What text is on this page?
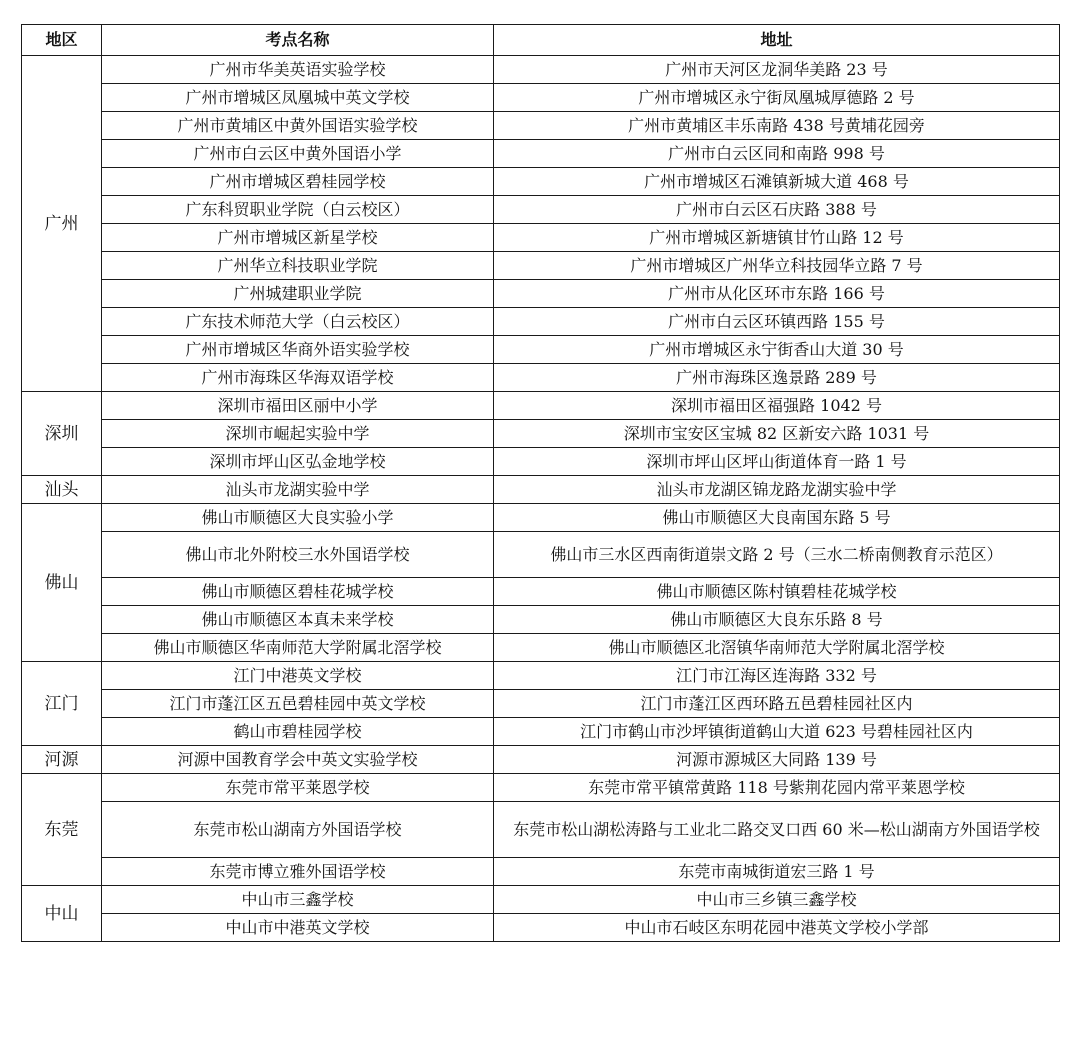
地区	考点名称	地址
广州	广州市华美英语实验学校	广州市天河区龙洞华美路 23 号
	广州市增城区凤凰城中英文学校	广州市增城区永宁街凤凰城厚德路 2 号
	广州市黄埔区中黄外国语实验学校	广州市黄埔区丰乐南路 438 号黄埔花园旁
	广州市白云区中黄外国语小学	广州市白云区同和南路 998 号
	广州市增城区碧桂园学校	广州市增城区石滩镇新城大道 468 号
	广东科贸职业学院（白云校区）	广州市白云区石庆路 388 号
	广州市增城区新星学校	广州市增城区新塘镇甘竹山路 12 号
	广州华立科技职业学院	广州市增城区广州华立科技园华立路 7 号
	广州城建职业学院	广州市从化区环市东路 166 号
	广东技术师范大学（白云校区）	广州市白云区环镇西路 155 号
	广州市增城区华商外语实验学校	广州市增城区永宁街香山大道 30 号
	广州市海珠区华海双语学校	广州市海珠区逸景路 289 号
深圳	深圳市福田区丽中小学	深圳市福田区福强路 1042 号
	深圳市崛起实验中学	深圳市宝安区宝城 82 区新安六路 1031 号
	深圳市坪山区弘金地学校	深圳市坪山区坪山街道体育一路 1 号
汕头	汕头市龙湖实验中学	汕头市龙湖区锦龙路龙湖实验中学
佛山	佛山市顺德区大良实验小学	佛山市顺德区大良南国东路 5 号
	佛山市北外附校三水外国语学校	佛山市三水区西南街道崇文路 2 号（三水二桥南侧教育示范区）
	佛山市顺德区碧桂花城学校	佛山市顺德区陈村镇碧桂花城学校
	佛山市顺德区本真未来学校	佛山市顺德区大良东乐路 8 号
	佛山市顺德区华南师范大学附属北滘学校	佛山市顺德区北滘镇华南师范大学附属北滘学校
江门	江门中港英文学校	江门市江海区连海路 332 号
	江门市蓬江区五邑碧桂园中英文学校	江门市蓬江区西环路五邑碧桂园社区内
	鹤山市碧桂园学校	江门市鹤山市沙坪镇街道鹤山大道 623 号碧桂园社区内
河源	河源中国教育学会中英文实验学校	河源市源城区大同路 139 号
东莞	东莞市常平莱恩学校	东莞市常平镇常黄路 118 号紫荆花园内常平莱恩学校
	东莞市松山湖南方外国语学校	东莞市松山湖松涛路与工业北二路交叉口西 60 米—松山湖南方外国语学校
	东莞市博立雅外国语学校	东莞市南城街道宏三路 1 号
中山	中山市三鑫学校	中山市三乡镇三鑫学校
	中山市中港英文学校	中山市石岐区东明花园中港英文学校小学部
